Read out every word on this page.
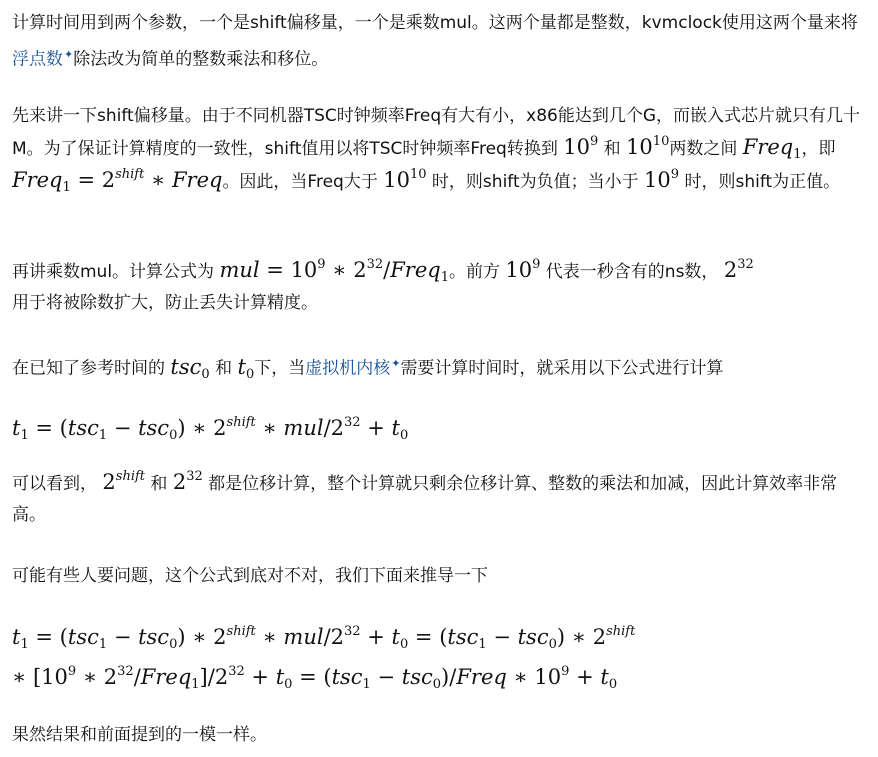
计算时间用到两个参数，一个是shift偏移量，一个是乘数mul。这两个量都是整数，kvmclock使用这两个量来将浮点数✦除法改为简单的整数乘法和移位。

先来讲一下shift偏移量。由于不同机器TSC时钟频率Freq有大有小，x86能达到几个G，而嵌入式芯片就只有几十M。为了保证计算精度的一致性，shift值用以将TSC时钟频率Freq转换到 $10^9$ 和 $10^{10}$两数之间 Freq$_1$，即 Freq$_1$ = $2^{shift}$ ∗ Freq。因此，当Freq大于 $10^{10}$ 时，则shift为负值；当小于 $10^9$ 时，则shift为正值。

再讲乘数mul。计算公式为 mul = $10^9$ ∗ $2^{32}/Freq_1$。前方 $10^9$ 代表一秒含有的ns数， $2^{32}$
用于将被除数扩大，防止丢失计算精度。

在已知了参考时间的 tsc$_0$ 和 $t_0$下，当虚拟机内核✦需要计算时间时，就采用以下公式进行计算

$t_1 = (tsc_1 - tsc_0)$ ∗ $2^{shift}$ ∗ mul/$2^{32} + t_0$

可以看到， $2^{shift}$ 和 $2^{32}$ 都是位移计算，整个计算就只剩余位移计算、整数的乘法和加减，因此计算效率非常高。

可能有些人要问题，这个公式到底对不对，我们下面来推导一下

$t_1 = (tsc_1 - tsc_0)$ ∗ $2^{shift}$ ∗ mul/$2^{32} + t_0 = (tsc_1 - tsc_0)$ ∗ $2^{shift}$
∗ [$10^9$ ∗ $2^{32}/Freq_1]/2^{32} + t_0 = (tsc_1$ − tsc$_0$)/Freq ∗ $10^9 + t_0$

果然结果和前面提到的一模一样。
